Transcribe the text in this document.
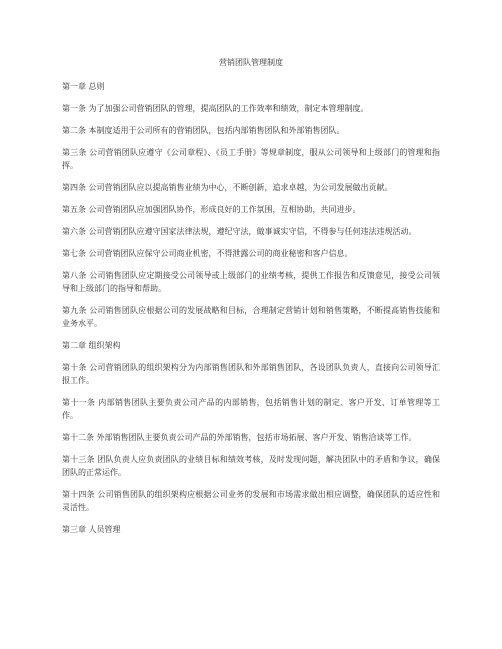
营销团队管理制度

第一章 总则

第一条 为了加强公司营销团队的管理，提高团队的工作效率和绩效，制定本管理制度。

第二条 本制度适用于公司所有的营销团队，包括内部销售团队和外部销售团队。

第三条 公司营销团队应遵守《公司章程》、《员工手册》等规章制度，服从公司领导和上级部门的管理和指挥。

第四条 公司营销团队应以提高销售业绩为中心，不断创新，追求卓越，为公司发展做出贡献。

第五条 公司营销团队应加强团队协作，形成良好的工作氛围，互相协助，共同进步。

第六条 公司营销团队应遵守国家法律法规，遵纪守法，做事诚实守信，不得参与任何违法违规活动。

第七条 公司营销团队应保守公司商业机密，不得泄露公司的商业秘密和客户信息。

第八条 公司销售团队应定期接受公司领导或上级部门的业绩考核，提供工作报告和反馈意见，接受公司领导和上级部门的指导和帮助。

第九条 公司销售团队应根据公司的发展战略和目标，合理制定营销计划和销售策略，不断提高销售技能和业务水平。

第二章 组织架构

第十条 公司营销团队的组织架构分为内部销售团队和外部销售团队，各设团队负责人，直接向公司领导汇报工作。

第十一条 内部销售团队主要负责公司产品的内部销售，包括销售计划的制定、客户开发、订单管理等工作。

第十二条 外部销售团队主要负责公司产品的外部销售，包括市场拓展、客户开发、销售洽谈等工作。

第十三条 团队负责人应负责团队的业绩目标和绩效考核，及时发现问题，解决团队中的矛盾和争议，确保团队的正常运作。

第十四条 公司销售团队的组织架构应根据公司业务的发展和市场需求做出相应调整，确保团队的适应性和灵活性。

第三章 人员管理
